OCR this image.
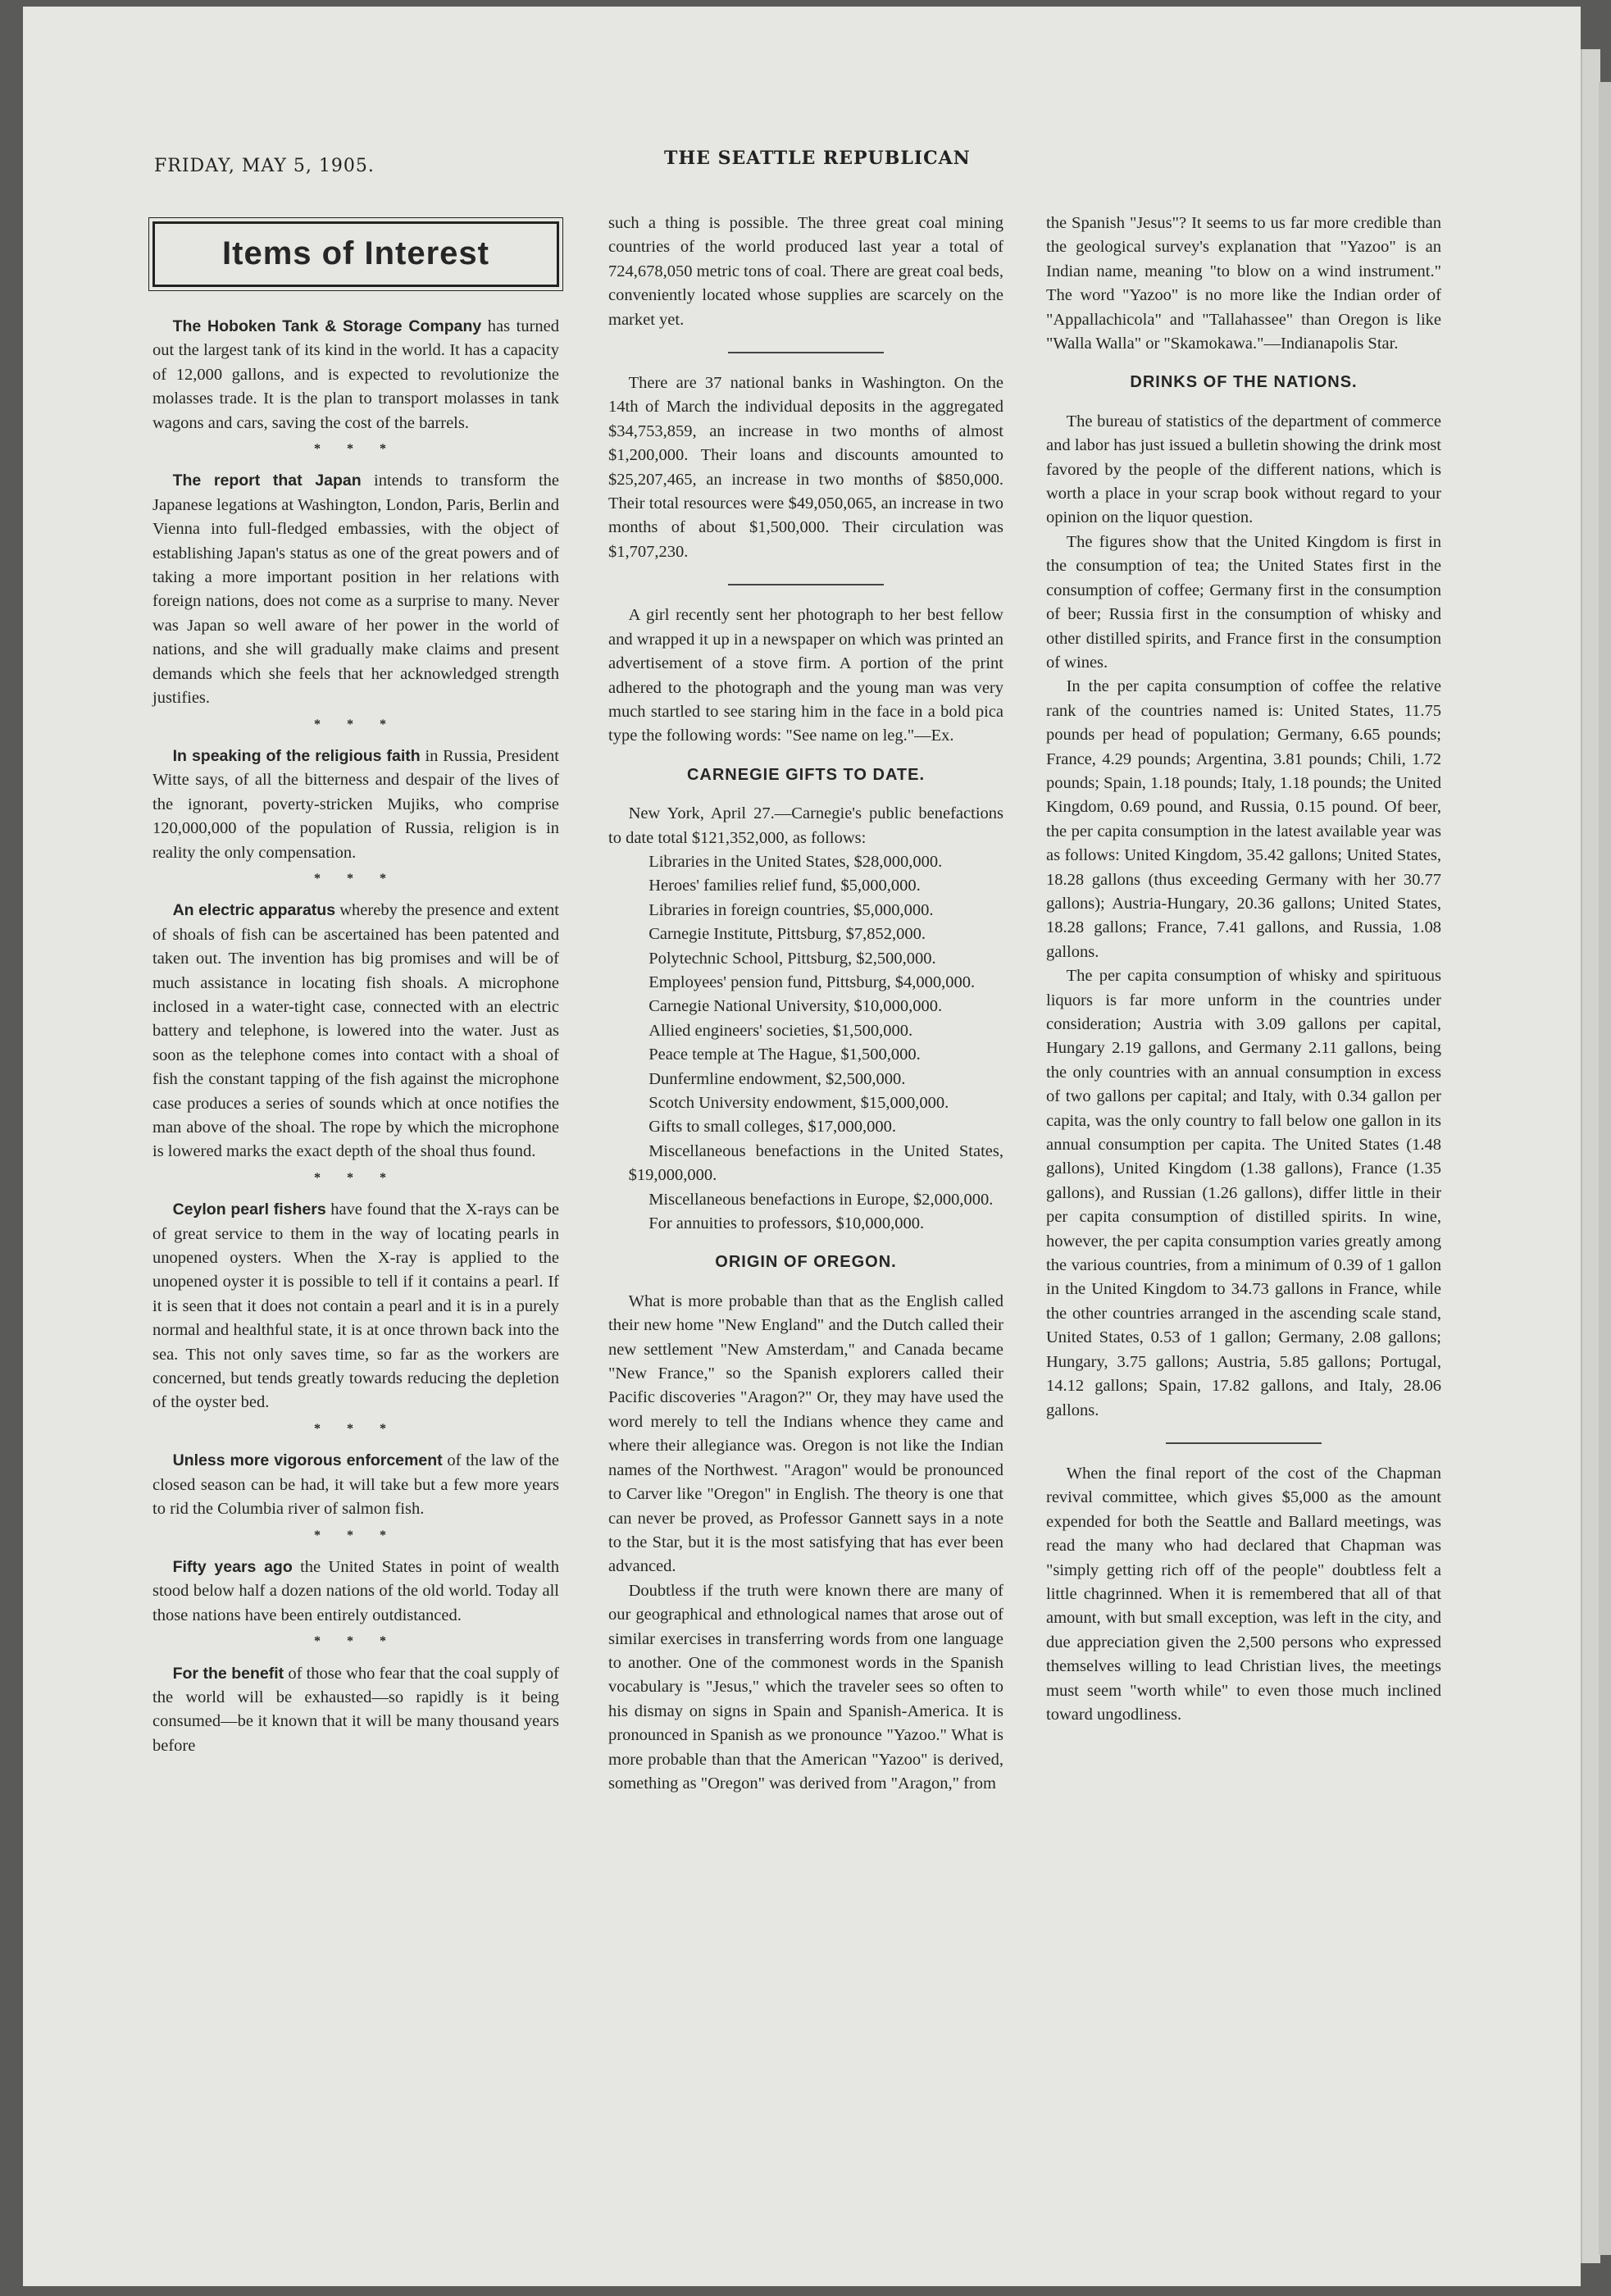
FRIDAY, MAY 5, 1905.	THE SEATTLE REPUBLICAN
Items of Interest

The Hoboken Tank & Storage Company has turned out the largest tank of its kind in the world. It has a capacity of 12,000 gallons, and is expected to revolutionize the molasses trade. It is the plan to transport molasses in tank wagons and cars, saving the cost of the barrels.

* * *

The report that Japan intends to transform the Japanese legations at Washington, London, Paris, Berlin and Vienna into full-fledged embassies, with the object of establishing Japan's status as one of the great powers and of taking a more important position in her relations with foreign nations, does not come as a surprise to many. Never was Japan so well aware of her power in the world of nations, and she will gradually make claims and present demands which she feels that her acknowledged strength justifies.

* * *

In speaking of the religious faith in Russia, President Witte says, of all the bitterness and despair of the lives of the ignorant, poverty-stricken Mujiks, who comprise 120,000,000 of the population of Russia, religion is in reality the only compensation.

* * *

An electric apparatus whereby the presence and extent of shoals of fish can be ascertained has been patented and taken out. The invention has big promises and will be of much assistance in locating fish shoals. A microphone inclosed in a water-tight case, connected with an electric battery and telephone, is lowered into the water. Just as soon as the telephone comes into contact with a shoal of fish the constant tapping of the fish against the microphone case produces a series of sounds which at once notifies the man above of the shoal. The rope by which the microphone is lowered marks the exact depth of the shoal thus found.

* * *

Ceylon pearl fishers have found that the X-rays can be of great service to them in the way of locating pearls in unopened oysters. When the X-ray is applied to the unopened oyster it is possible to tell if it contains a pearl. If it is seen that it does not contain a pearl and it is in a purely normal and healthful state, it is at once thrown back into the sea. This not only saves time, so far as the workers are concerned, but tends greatly towards reducing the depletion of the oyster bed.

* * *

Unless more vigorous enforcement of the law of the closed season can be had, it will take but a few more years to rid the Columbia river of salmon fish.

* * *

Fifty years ago the United States in point of wealth stood below half a dozen nations of the old world. Today all those nations have been entirely outdistanced.

* * *

For the benefit of those who fear that the coal supply of the world will be exhausted—so rapidly is it being consumed—be it known that it will be many thousand years before

such a thing is possible. The three great coal mining countries of the world produced last year a total of 724,678,050 metric tons of coal. There are great coal beds, conveniently located whose supplies are scarcely on the market yet.

There are 37 national banks in Washington. On the 14th of March the individual deposits in the aggregated $34,753,859, an increase in two months of almost $1,200,000. Their loans and discounts amounted to $25,207,465, an increase in two months of $850,000. Their total resources were $49,050,065, an increase in two months of about $1,500,000. Their circulation was $1,707,230.

A girl recently sent her photograph to her best fellow and wrapped it up in a newspaper on which was printed an advertisement of a stove firm. A portion of the print adhered to the photograph and the young man was very much startled to see staring him in the face in a bold pica type the following words: "See name on leg."—Ex.

CARNEGIE GIFTS TO DATE.

New York, April 27.—Carnegie's public benefactions to date total $121,352,000, as follows:

Libraries in the United States, $28,000,000.

Heroes' families relief fund, $5,000,000.

Libraries in foreign countries, $5,000,000.

Carnegie Institute, Pittsburg, $7,852,000.

Polytechnic School, Pittsburg, $2,500,000.

Employees' pension fund, Pittsburg, $4,000,000.

Carnegie National University, $10,000,000.

Allied engineers' societies, $1,500,000.

Peace temple at The Hague, $1,500,000.

Dunfermline endowment, $2,500,000.

Scotch University endowment, $15,000,000.

Gifts to small colleges, $17,000,000.

Miscellaneous benefactions in the United States, $19,000,000.

Miscellaneous benefactions in Europe, $2,000,000.

For annuities to professors, $10,000,000.

ORIGIN OF OREGON.

What is more probable than that as the English called their new home "New England" and the Dutch called their new settlement "New Amsterdam," and Canada became "New France," so the Spanish explorers called their Pacific discoveries "Aragon?" Or, they may have used the word merely to tell the Indians whence they came and where their allegiance was. Oregon is not like the Indian names of the Northwest. "Aragon" would be pronounced to Carver like "Oregon" in English. The theory is one that can never be proved, as Professor Gannett says in a note to the Star, but it is the most satisfying that has ever been advanced.

Doubtless if the truth were known there are many of our geographical and ethnological names that arose out of similar exercises in transferring words from one language to another. One of the commonest words in the Spanish vocabulary is "Jesus," which the traveler sees so often to his dismay on signs in Spain and Spanish-America. It is pronounced in Spanish as we pronounce "Yazoo." What is more probable than that the American "Yazoo" is derived, something as "Oregon" was derived from "Aragon," from

the Spanish "Jesus"? It seems to us far more credible than the geological survey's explanation that "Yazoo" is an Indian name, meaning "to blow on a wind instrument." The word "Yazoo" is no more like the Indian order of "Appallachicola" and "Tallahassee" than Oregon is like "Walla Walla" or "Skamokawa."—Indianapolis Star.

DRINKS OF THE NATIONS.

The bureau of statistics of the department of commerce and labor has just issued a bulletin showing the drink most favored by the people of the different nations, which is worth a place in your scrap book without regard to your opinion on the liquor question.

The figures show that the United Kingdom is first in the consumption of tea; the United States first in the consumption of coffee; Germany first in the consumption of beer; Russia first in the consumption of whisky and other distilled spirits, and France first in the consumption of wines.

In the per capita consumption of coffee the relative rank of the countries named is: United States, 11.75 pounds per head of population; Germany, 6.65 pounds; France, 4.29 pounds; Argentina, 3.81 pounds; Chili, 1.72 pounds; Spain, 1.18 pounds; Italy, 1.18 pounds; the United Kingdom, 0.69 pound, and Russia, 0.15 pound. Of beer, the per capita consumption in the latest available year was as follows: United Kingdom, 35.42 gallons; United States, 18.28 gallons (thus exceeding Germany with her 30.77 gallons); Austria-Hungary, 20.36 gallons; United States, 18.28 gallons; France, 7.41 gallons, and Russia, 1.08 gallons.

The per capita consumption of whisky and spirituous liquors is far more unform in the countries under consideration; Austria with 3.09 gallons per capital, Hungary 2.19 gallons, and Germany 2.11 gallons, being the only countries with an annual consumption in excess of two gallons per capital; and Italy, with 0.34 gallon per capita, was the only country to fall below one gallon in its annual consumption per capita. The United States (1.48 gallons), United Kingdom (1.38 gallons), France (1.35 gallons), and Russian (1.26 gallons), differ little in their per capita consumption of distilled spirits. In wine, however, the per capita consumption varies greatly among the various countries, from a minimum of 0.39 of 1 gallon in the United Kingdom to 34.73 gallons in France, while the other countries arranged in the ascending scale stand, United States, 0.53 of 1 gallon; Germany, 2.08 gallons; Hungary, 3.75 gallons; Austria, 5.85 gallons; Portugal, 14.12 gallons; Spain, 17.82 gallons, and Italy, 28.06 gallons.

When the final report of the cost of the Chapman revival committee, which gives $5,000 as the amount expended for both the Seattle and Ballard meetings, was read the many who had declared that Chapman was "simply getting rich off of the people" doubtless felt a little chagrinned. When it is remembered that all of that amount, with but small exception, was left in the city, and due appreciation given the 2,500 persons who expressed themselves willing to lead Christian lives, the meetings must seem "worth while" to even those much inclined toward ungodliness.
